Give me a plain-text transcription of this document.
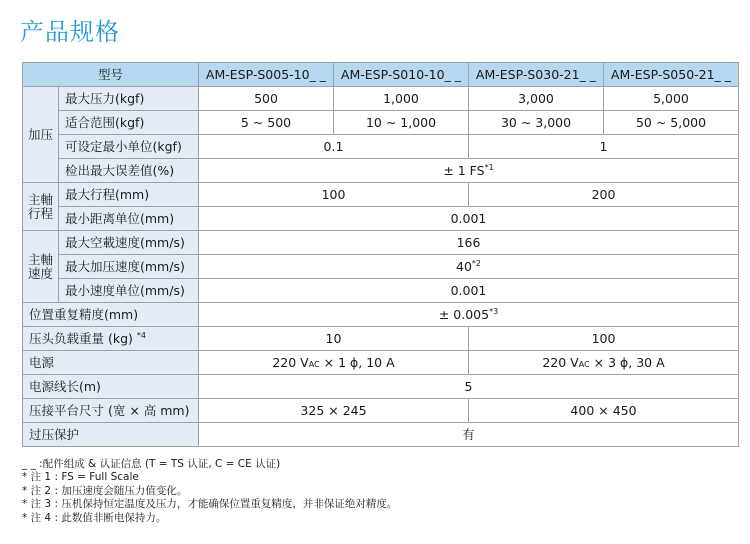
产品规格
型号		AM-ESP-S005-10_ _	AM-ESP-S010-10_ _	AM-ESP-S030-21_ _	AM-ESP-S050-21_ _
加压	最大压力(kgf)	500	1,000	3,000	5,000
	适合范围(kgf)	5 ~ 500	10 ~ 1,000	30 ~ 3,000	50 ~ 5,000
	可设定最小单位(kgf)	0.1		1	
	检出最大误差值(%)	± 1 FS$^{*1}$
主軸
行程	最大行程(mm)	100		200	
	最小距离单位(mm)	0.001			
主軸
速度	最大空載速度(mm/s)	166			
	最大加压速度(mm/s)	40$^{*2}$
	最小速度单位(mm/s)	0.001			
位置重复精度(mm)		± $0.005^{*3}$
压头负载重量 (kg) $^{*4}$		10		100	
电源		220 VAC × 1 ϕ, 10 A		220 VAC × 3 ϕ, 30 A	
电源线长(m)		5			
压接平台尺寸 (宽 × 高 mm)		325 × 245		400 × 450	
过压保护		有			
_ _ :配件组成 & 认证信息 (T = TS 认证, C = CE 认证)
* 注 1 : FS = Full Scale
* 注 2 : 加压速度会随压力值变化。
* 注 3 : 压机保持恒定温度及压力，才能确保位置重复精度，并非保证绝对精度。
* 注 4 : 此数值非断电保持力。
